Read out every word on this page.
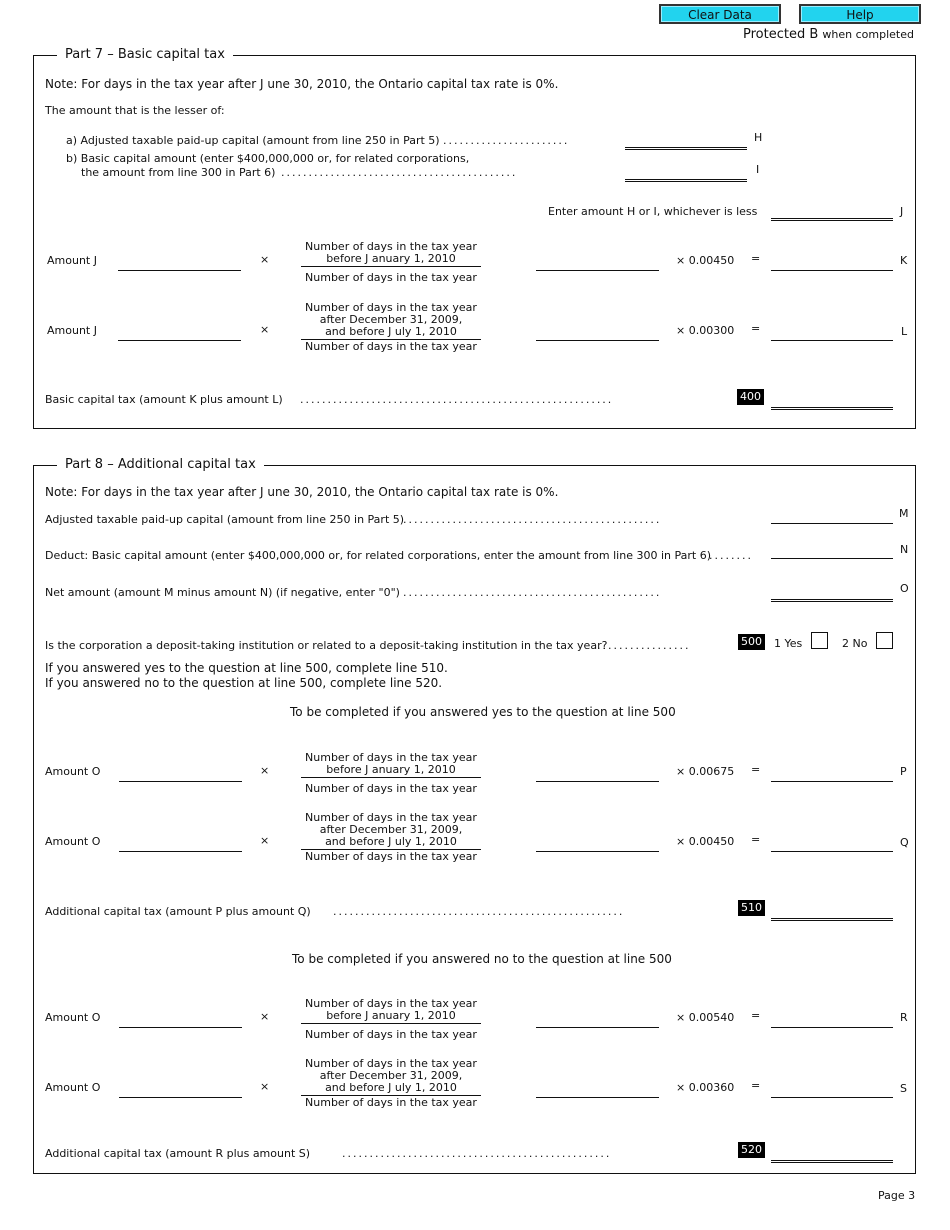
Clear Data	Help
Protected B when completed
Part 7 – Basic capital tax
Note: For days in the tax year after J une 30, 2010, the Ontario capital tax rate is 0%.
The amount that is the lesser of:
a) Adjusted taxable paid-up capital (amount from line 250 in Part 5) .......................	H
b) Basic capital amount (enter $400,000,000 or, for related corporations,
the amount from line 300 in Part 6) ...........................................	I
Enter amount H or I, whichever is less	J
Amount J	×
Number of days in the tax year
before J anuary 1, 2010
Number of days in the tax year
× 0.00450 =	K
Amount J	×
Number of days in the tax year
after December 31, 2009,
and before J uly 1, 2010
Number of days in the tax year
× 0.00300 =	L
Basic capital tax (amount K plus amount L) .........................................................	400
Part 8 – Additional capital tax
Note: For days in the tax year after J une 30, 2010, the Ontario capital tax rate is 0%.
Adjusted taxable paid-up capital (amount from line 250 in Part 5)
...............................................	M
Deduct: Basic capital amount (enter $400,000,000 or, for related corporations, enter the amount from line 300 in Part 6)
........	N
Net amount (amount M minus amount N) (if negative, enter "0") ...............................................	O
Is the corporation a deposit-taking institution or related to a deposit-taking institution in the tax year?
.................	500 1 Yes	2 No
If you answered yes to the question at line 500, complete line 510.
If you answered no to the question at line 500, complete line 520.
To be completed if you answered yes to the question at line 500
Amount O	×
Number of days in the tax year
before J anuary 1, 2010
Number of days in the tax year
× 0.00675 =	P
Amount O	×
Number of days in the tax year
after December 31, 2009,
and before J uly 1, 2010
Number of days in the tax year
× 0.00450 =	Q
Additional capital tax (amount P plus amount Q) .....................................................	510
To be completed if you answered no to the question at line 500
Amount O	×
Number of days in the tax year
before J anuary 1, 2010
Number of days in the tax year
× 0.00540 =	R
Amount O	×
Number of days in the tax year
after December 31, 2009,
and before J uly 1, 2010
Number of days in the tax year
× 0.00360 =	S
Additional capital tax (amount R plus amount S)	.................................................	520
Page 3
